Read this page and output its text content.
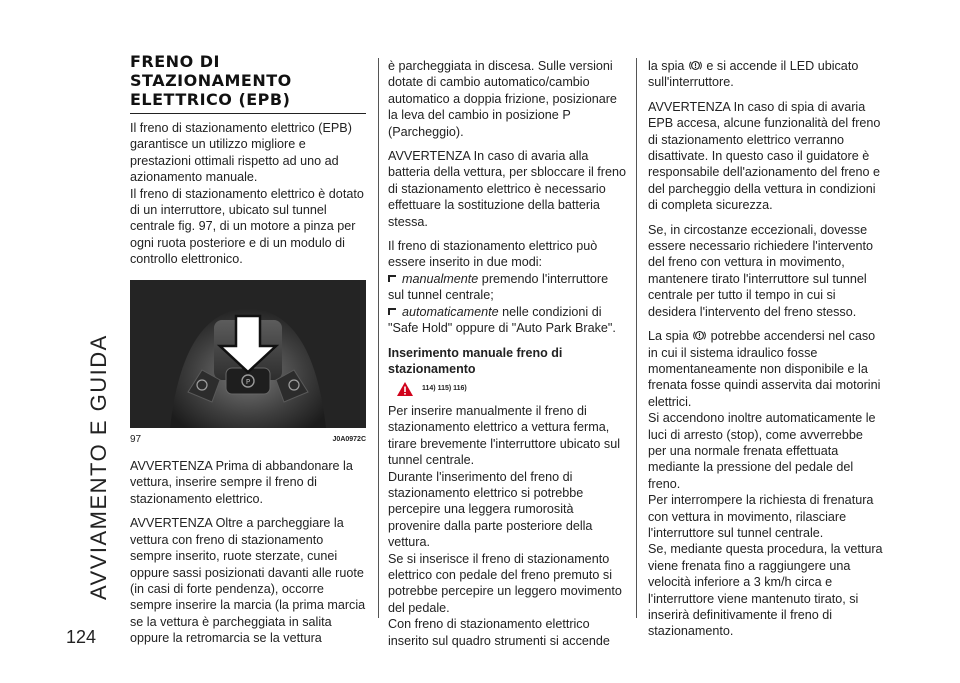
AVVIAMENTO E GUIDA
124
FRENO DI
STAZIONAMENTO
ELETTRICO (EPB)

Il freno di stazionamento elettrico (EPB) garantisce un utilizzo migliore e prestazioni ottimali rispetto ad uno ad azionamento manuale.

Il freno di stazionamento elettrico è dotato di un interruttore, ubicato sul tunnel centrale fig. 97, di un motore a pinza per ogni ruota posteriore e di un modulo di controllo elettronico.

P
97	J0A0972C

AVVERTENZA Prima di abbandonare la vettura, inserire sempre il freno di stazionamento elettrico.

AVVERTENZA Oltre a parcheggiare la vettura con freno di stazionamento sempre inserito, ruote sterzate, cunei oppure sassi posizionati davanti alle ruote (in casi di forte pendenza), occorre sempre inserire la marcia (la prima marcia se la vettura è parcheggiata in salita oppure la retromarcia se la vettura

è parcheggiata in discesa. Sulle versioni dotate di cambio automatico/cambio automatico a doppia frizione, posizionare la leva del cambio in posizione P (Parcheggio).

AVVERTENZA In caso di avaria alla batteria della vettura, per sbloccare il freno di stazionamento elettrico è necessario effettuare la sostituzione della batteria stessa.

Il freno di stazionamento elettrico può essere inserito in due modi:

manualmente premendo l'interruttore sul tunnel centrale;
automaticamente nelle condizioni di "Safe Hold" oppure di "Auto Park Brake".
Inserimento manuale freno di stazionamento
114) 115) 116)

Per inserire manualmente il freno di stazionamento elettrico a vettura ferma, tirare brevemente l'interruttore ubicato sul tunnel centrale.

Durante l'inserimento del freno di stazionamento elettrico si potrebbe percepire una leggera rumorosità provenire dalla parte posteriore della vettura.

Se si inserisce il freno di stazionamento elettrico con pedale del freno premuto si potrebbe percepire un leggero movimento del pedale.

Con freno di stazionamento elettrico inserito sul quadro strumenti si accende

la spia  e si accende il LED ubicato sull'interruttore.

AVVERTENZA In caso di spia di avaria EPB accesa, alcune funzionalità del freno di stazionamento elettrico verranno disattivate. In questo caso il guidatore è responsabile dell'azionamento del freno e del parcheggio della vettura in condizioni di completa sicurezza.

Se, in circostanze eccezionali, dovesse essere necessario richiedere l'intervento del freno con vettura in movimento, mantenere tirato l'interruttore sul tunnel centrale per tutto il tempo in cui si desidera l'intervento del freno stesso.

La spia  potrebbe accendersi nel caso in cui il sistema idraulico fosse momentaneamente non disponibile e la frenata fosse quindi asservita dai motorini elettrici.

Si accendono inoltre automaticamente le luci di arresto (stop), come avverrebbe per una normale frenata effettuata mediante la pressione del pedale del freno.

Per interrompere la richiesta di frenatura con vettura in movimento, rilasciare l'interruttore sul tunnel centrale.

Se, mediante questa procedura, la vettura viene frenata fino a raggiungere una velocità inferiore a 3 km/h circa e l'interruttore viene mantenuto tirato, si inserirà definitivamente il freno di stazionamento.
